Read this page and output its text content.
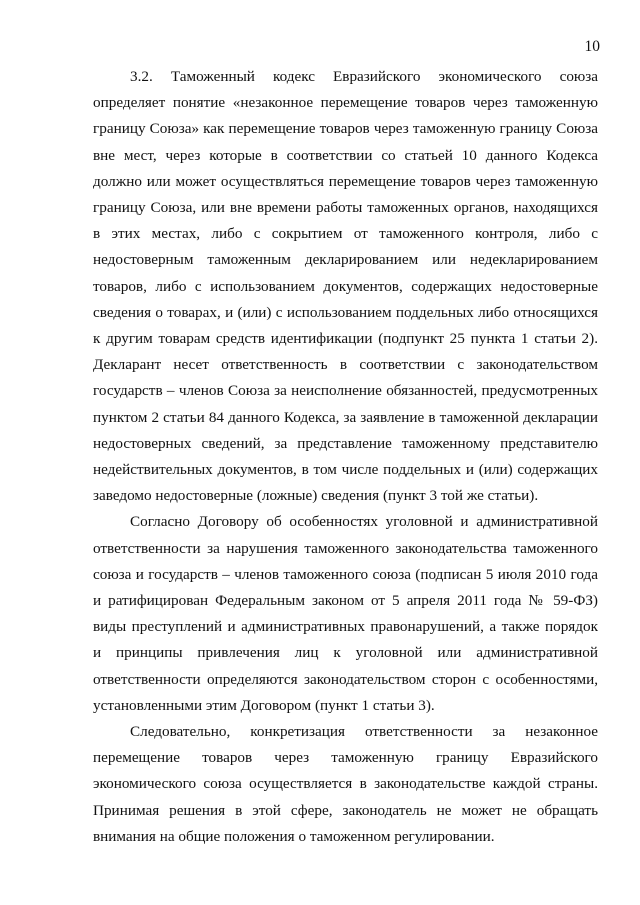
10

3.2. Таможенный кодекс Евразийского экономического союза определяет понятие «незаконное перемещение товаров через таможенную границу Союза» как перемещение товаров через таможенную границу Союза вне мест, через которые в соответствии со статьей 10 данного Кодекса должно или может осуществляться перемещение товаров через таможенную границу Союза, или вне времени работы таможенных органов, находящихся в этих местах, либо с сокрытием от таможенного контроля, либо с недостоверным таможенным декларированием или недекларированием товаров, либо с использованием документов, содержащих недостоверные сведения о товарах, и (или) с использованием поддельных либо относящихся к другим товарам средств идентификации (подпункт 25 пункта 1 статьи 2). Декларант несет ответственность в соответствии с законодательством государств – членов Союза за неисполнение обязанностей, предусмотренных пунктом 2 статьи 84 данного Кодекса, за заявление в таможенной декларации недостоверных сведений, за представление таможенному представителю недействительных документов, в том числе поддельных и (или) содержащих заведомо недостоверные (ложные) сведения (пункт 3 той же статьи).

Согласно Договору об особенностях уголовной и административной ответственности за нарушения таможенного законодательства таможенного союза и государств – членов таможенного союза (подписан 5 июля 2010 года и ратифицирован Федеральным законом от 5 апреля 2011 года № 59-ФЗ) виды преступлений и административных правонарушений, а также порядок и принципы привлечения лиц к уголовной или административной ответственности определяются законодательством сторон с особенностями, установленными этим Договором (пункт 1 статьи 3).

Следовательно, конкретизация ответственности за незаконное перемещение товаров через таможенную границу Евразийского экономического союза осуществляется в законодательстве каждой страны. Принимая решения в этой сфере, законодатель не может не обращать внимания на общие положения о таможенном регулировании.
